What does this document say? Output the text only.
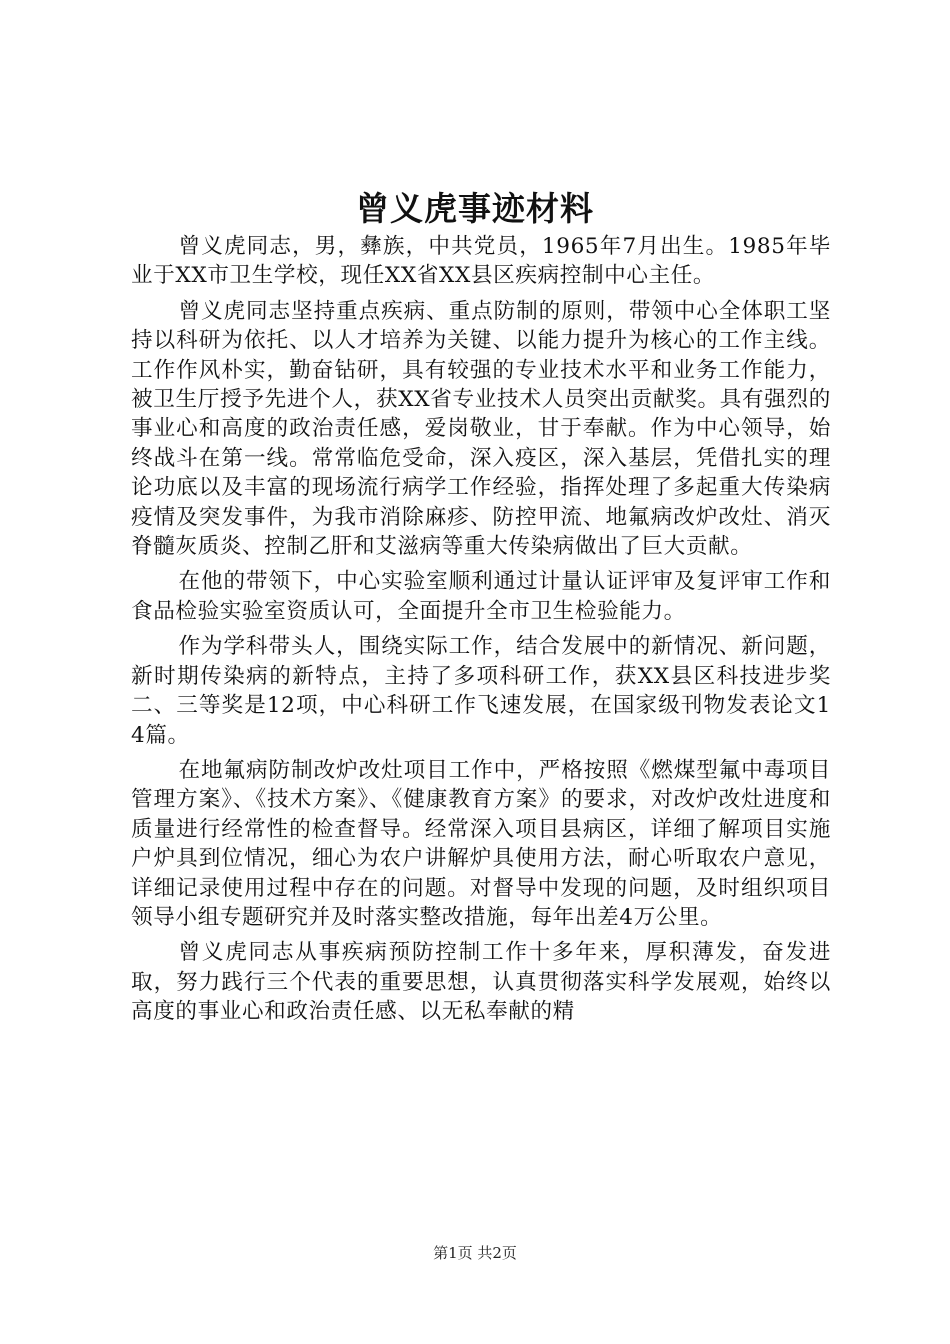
曾义虎事迹材料

曾义虎同志，男，彝族，中共党员，1965年7月出生。1985年毕业于XX市卫生学校，现任XX省XX县区疾病控制中心主任。

曾义虎同志坚持重点疾病、重点防制的原则，带领中心全体职工坚持以科研为依托、以人才培养为关键、以能力提升为核心的工作主线。工作作风朴实，勤奋钻研，具有较强的专业技术水平和业务工作能力，被卫生厅授予先进个人，获XX省专业技术人员突出贡献奖。具有强烈的事业心和高度的政治责任感，爱岗敬业，甘于奉献。作为中心领导，始终战斗在第一线。常常临危受命，深入疫区，深入基层，凭借扎实的理论功底以及丰富的现场流行病学工作经验，指挥处理了多起重大传染病疫情及突发事件，为我市消除麻疹、防控甲流、地氟病改炉改灶、消灭脊髓灰质炎、控制乙肝和艾滋病等重大传染病做出了巨大贡献。

在他的带领下，中心实验室顺利通过计量认证评审及复评审工作和食品检验实验室资质认可，全面提升全市卫生检验能力。

作为学科带头人，围绕实际工作，结合发展中的新情况、新问题，新时期传染病的新特点，主持了多项科研工作，获XX县区科技进步奖二、三等奖是12项，中心科研工作飞速发展，在国家级刊物发表论文14篇。

在地氟病防制改炉改灶项目工作中，严格按照《燃煤型氟中毒项目管理方案》、《技术方案》、《健康教育方案》的要求，对改炉改灶进度和质量进行经常性的检查督导。经常深入项目县病区，详细了解项目实施户炉具到位情况，细心为农户讲解炉具使用方法，耐心听取农户意见，详细记录使用过程中存在的问题。对督导中发现的问题，及时组织项目领导小组专题研究并及时落实整改措施，每年出差4万公里。

曾义虎同志从事疾病预防控制工作十多年来，厚积薄发，奋发进取，努力践行三个代表的重要思想，认真贯彻落实科学发展观，始终以高度的事业心和政治责任感、以无私奉献的精

第1页 共2页
